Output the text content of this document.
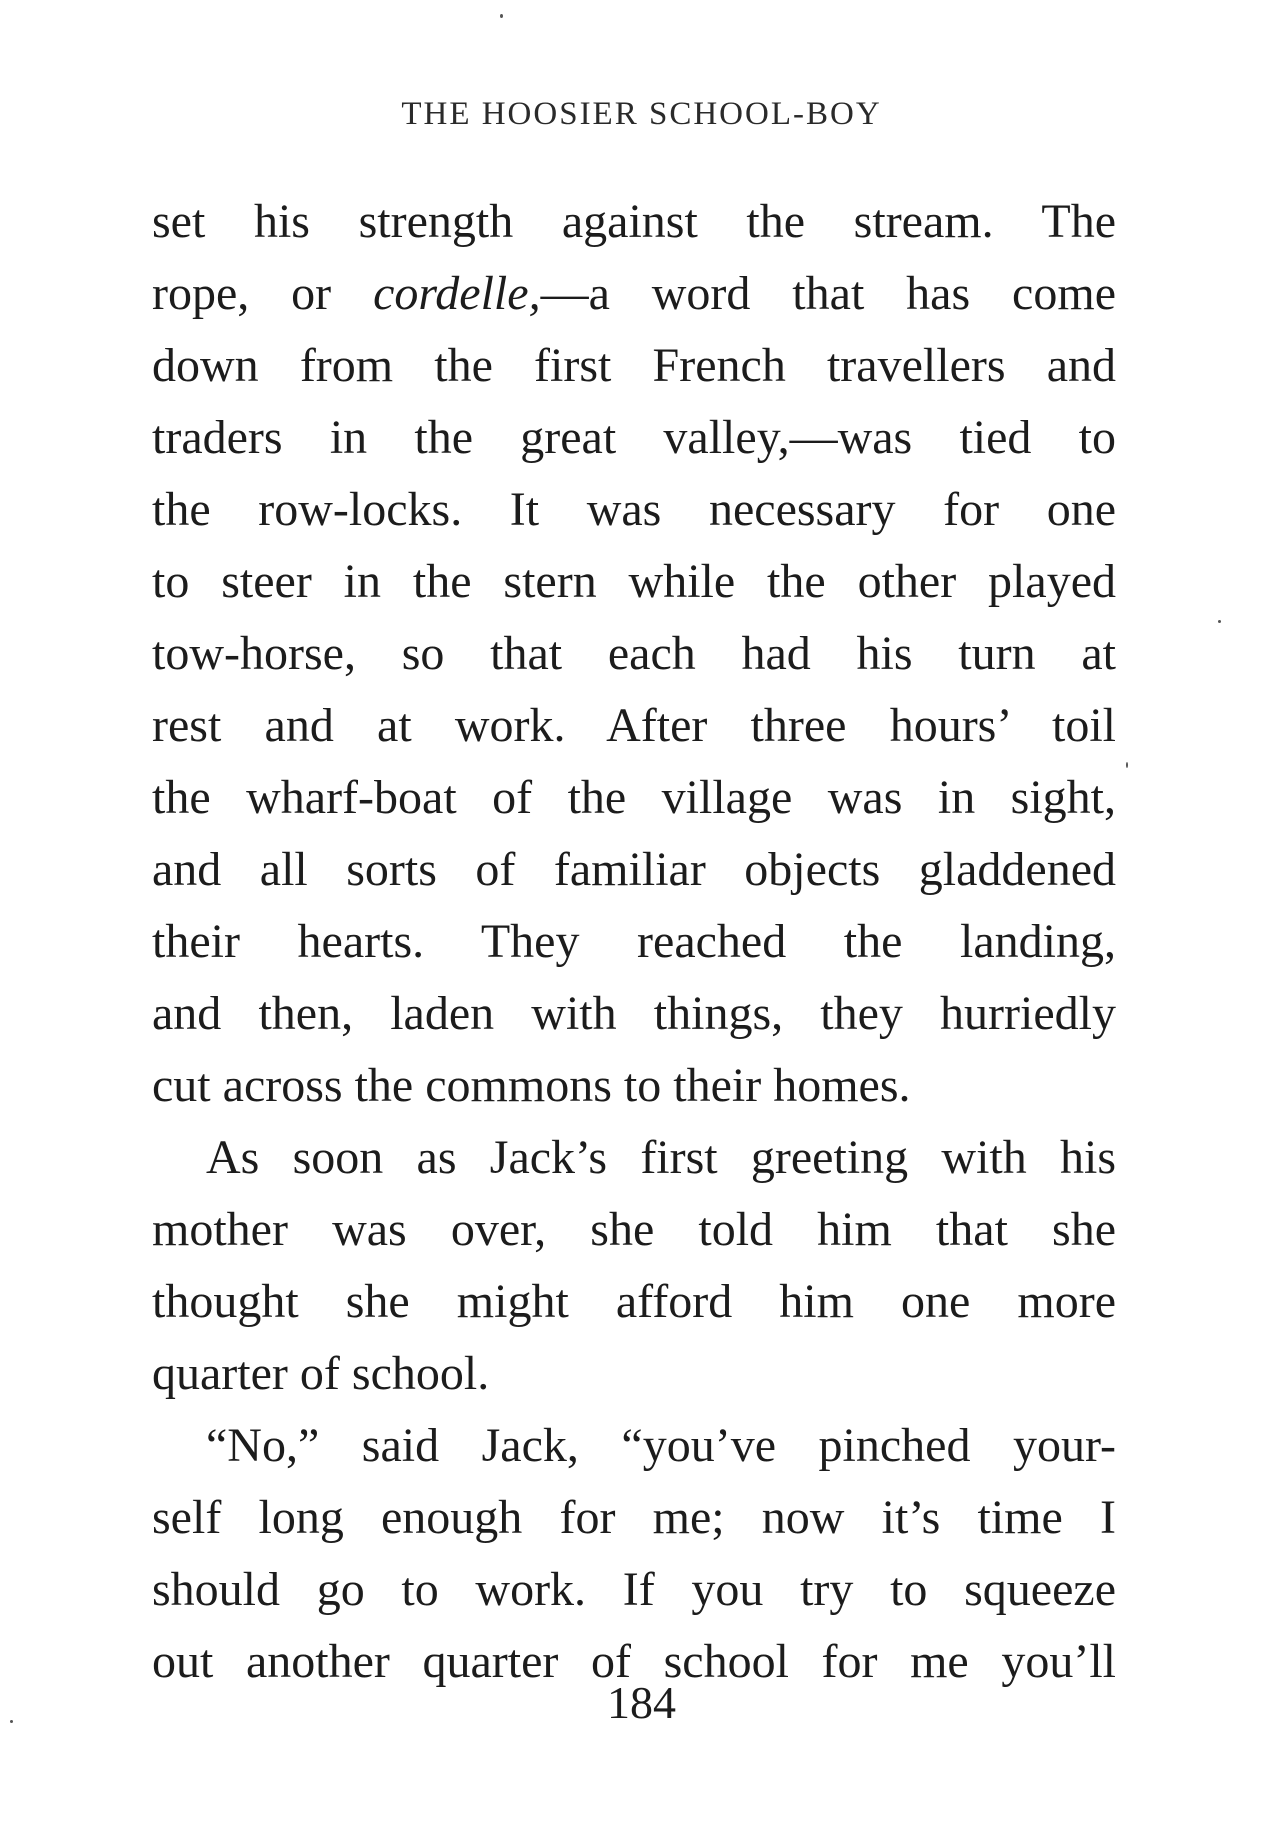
THE HOOSIER SCHOOL-BOY
set his strength against the stream. The
rope, or cordelle,—a word that has come
down from the first French travellers and
traders in the great valley,—was tied to
the row-locks. It was necessary for one
to steer in the stern while the other played
tow-horse, so that each had his turn at
rest and at work. After three hours’ toil
the wharf-boat of the village was in sight,
and all sorts of familiar objects gladdened
their hearts. They reached the landing,
and then, laden with things, they hurriedly
cut across the commons to their homes.
As soon as Jack’s first greeting with his
mother was over, she told him that she
thought she might afford him one more
quarter of school.
“No,” said Jack, “you’ve pinched your-
self long enough for me; now it’s time I
should go to work. If you try to squeeze
out another quarter of school for me you’ll
184
